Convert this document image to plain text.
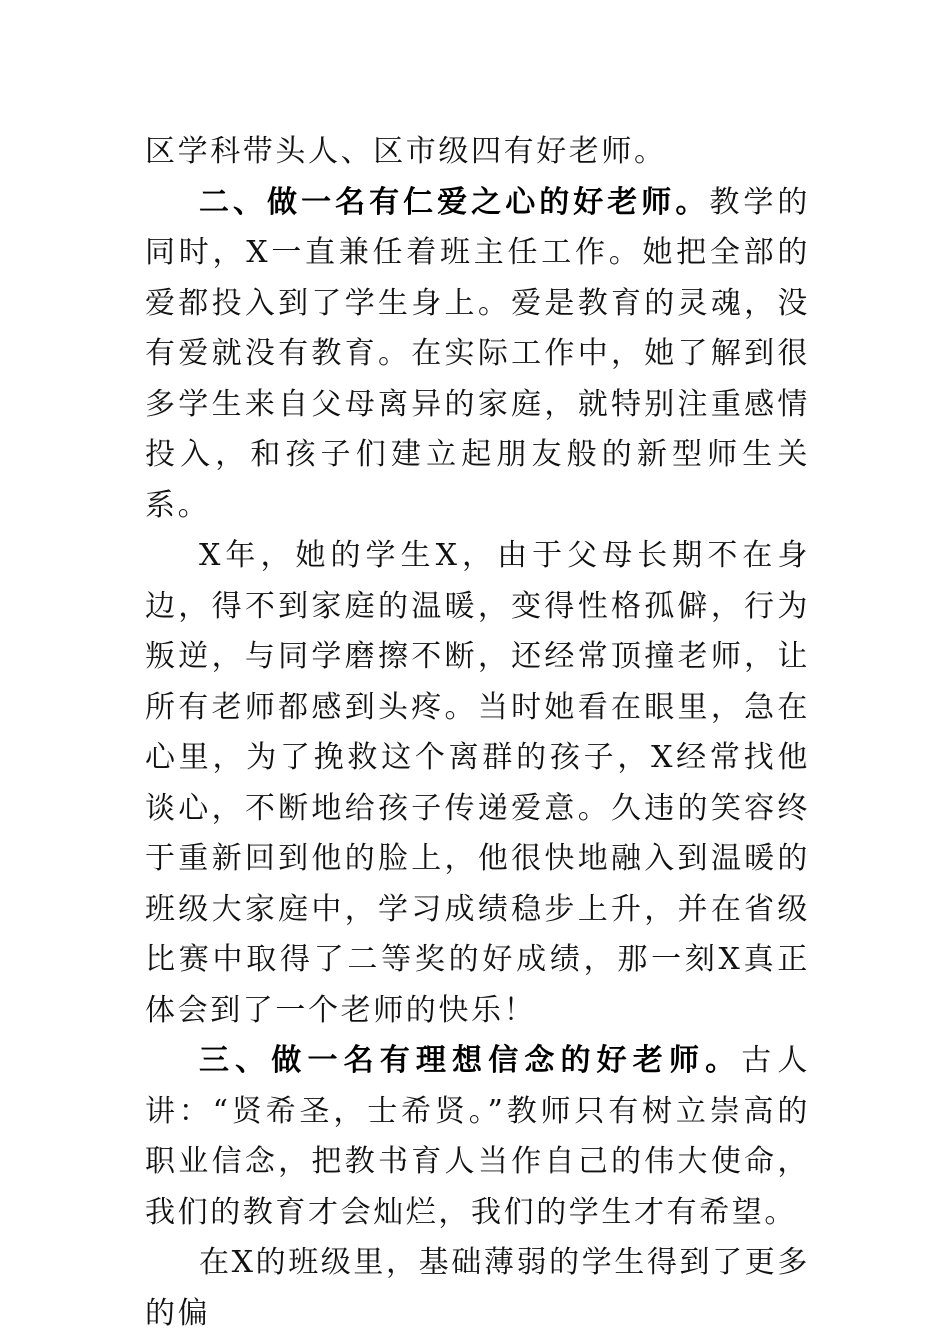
区学科带头人、区市级四有好老师。

二、做一名有仁爱之心的好老师。教学的同时，X一直兼任着班主任工作。她把全部的爱都投入到了学生身上。爱是教育的灵魂，没有爱就没有教育。在实际工作中，她了解到很多学生来自父母离异的家庭，就特别注重感情投入，和孩子们建立起朋友般的新型师生关系。

X年，她的学生X，由于父母长期不在身边，得不到家庭的温暖，变得性格孤僻，行为叛逆，与同学磨擦不断，还经常顶撞老师，让所有老师都感到头疼。当时她看在眼里，急在心里，为了挽救这个离群的孩子，X经常找他谈心，不断地给孩子传递爱意。久违的笑容终于重新回到他的脸上，他很快地融入到温暖的班级大家庭中，学习成绩稳步上升，并在省级比赛中取得了二等奖的好成绩，那一刻X真正体会到了一个老师的快乐！

三、做一名有理想信念的好老师。古人讲：“贤希圣，士希贤。”教师只有树立崇高的职业信念，把教书育人当作自己的伟大使命，我们的教育才会灿烂，我们的学生才有希望。

在X的班级里，基础薄弱的学生得到了更多的偏
